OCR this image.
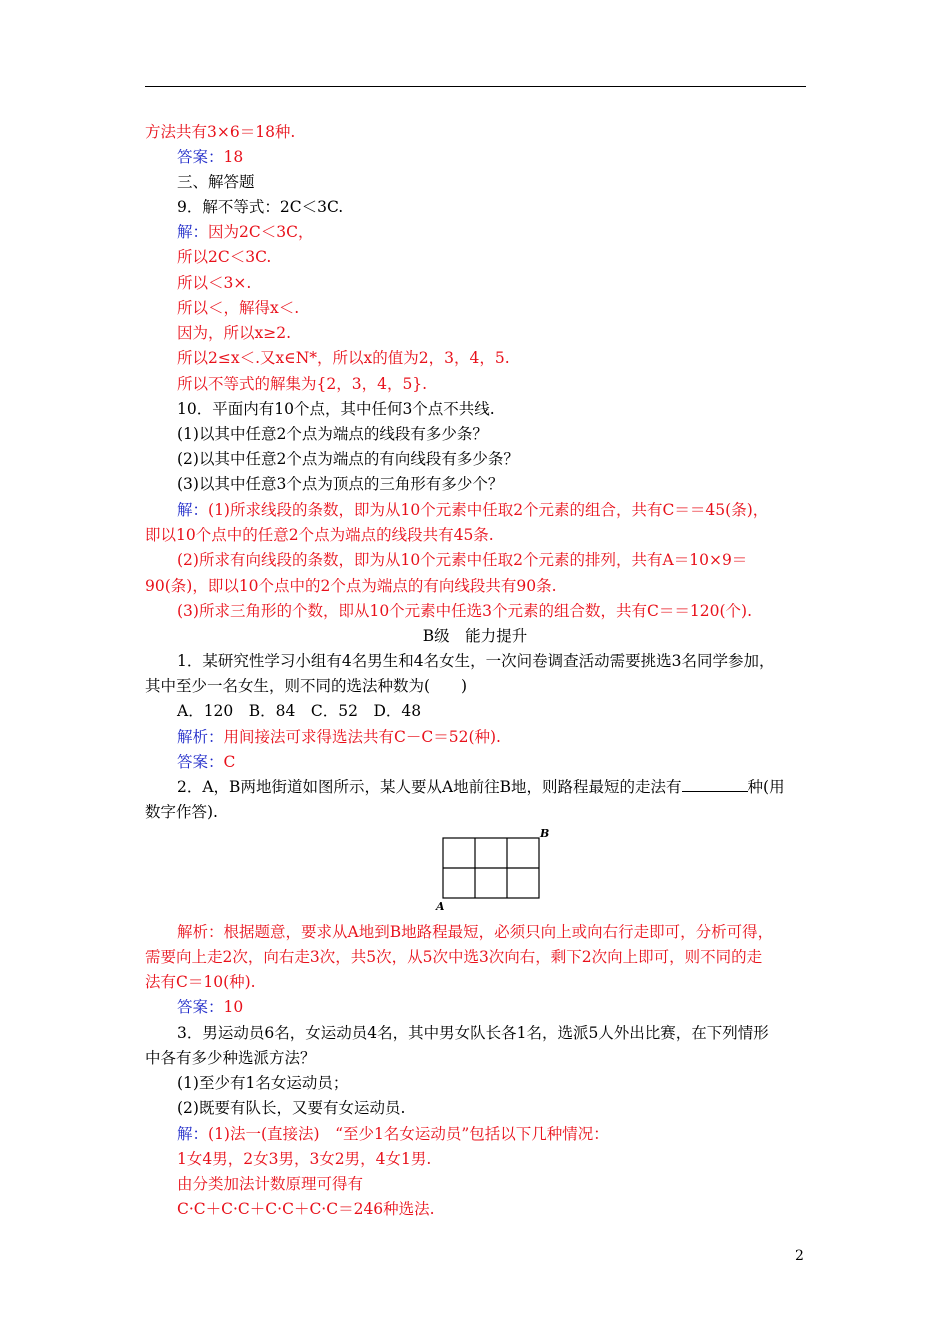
方法共有3×6＝18种.
答案：18
三、解答题
9．解不等式：2C＜3C.
解：因为2C＜3C，
所以2C＜3C.
所以＜3×.
所以＜，解得x＜.
因为，所以x≥2.
所以2≤x＜.又x∈N*，所以x的值为2，3，4，5.
所以不等式的解集为{2，3，4，5}.
10．平面内有10个点，其中任何3个点不共线.
(1)以其中任意2个点为端点的线段有多少条？
(2)以其中任意2个点为端点的有向线段有多少条？
(3)以其中任意3个点为顶点的三角形有多少个？
解：(1)所求线段的条数，即为从10个元素中任取2个元素的组合，共有C＝＝45(条)，
即以10个点中的任意2个点为端点的线段共有45条.
(2)所求有向线段的条数，即为从10个元素中任取2个元素的排列，共有A＝10×9＝
90(条)，即以10个点中的2个点为端点的有向线段共有90条.
(3)所求三角形的个数，即从10个元素中任选3个元素的组合数，共有C＝＝120(个).
B级　能力提升
1．某研究性学习小组有4名男生和4名女生，一次问卷调查活动需要挑选3名同学参加，
其中至少一名女生，则不同的选法种数为(　　)
A．120　B．84　C．52　D．48
解析：用间接法可求得选法共有C－C＝52(种).
答案：C
2．A，B两地街道如图所示，某人要从A地前往B地，则路程最短的走法有	种(用
数字作答).
B
A
解析：根据题意，要求从A地到B地路程最短，必须只向上或向右行走即可，分析可得，
需要向上走2次，向右走3次，共5次，从5次中选3次向右，剩下2次向上即可，则不同的走
法有C＝10(种).
答案：10
3．男运动员6名，女运动员4名，其中男女队长各1名，选派5人外出比赛，在下列情形
中各有多少种选派方法？
(1)至少有1名女运动员；
(2)既要有队长，又要有女运动员.
解：(1)法一(直接法)　“至少1名女运动员”包括以下几种情况：
1女4男，2女3男，3女2男，4女1男.
由分类加法计数原理可得有
C·C＋C·C＋C·C＋C·C＝246种选法.
2
